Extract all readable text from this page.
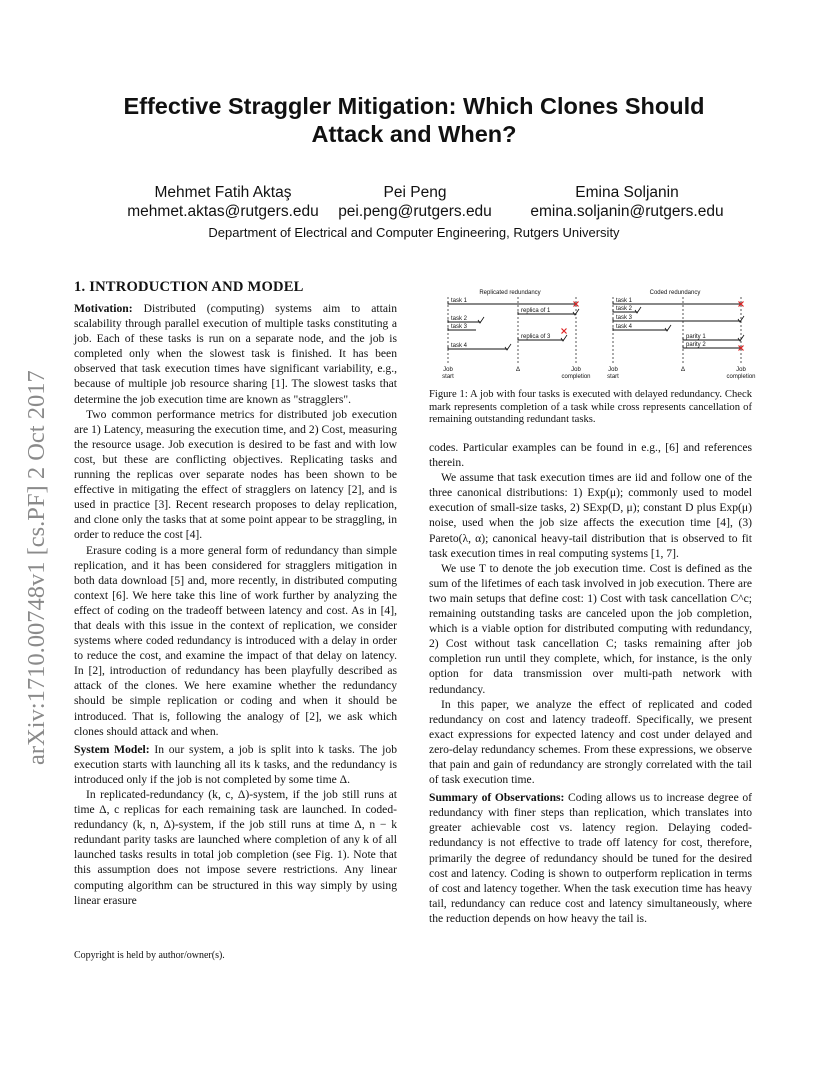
arXiv:1710.00748v1 [cs.PF] 2 Oct 2017
Effective Straggler Mitigation: Which Clones Should Attack and When?
Mehmet Fatih Aktaş
mehmet.aktas@rutgers.edu
Pei Peng
pei.peng@rutgers.edu
Emina Soljanin
emina.soljanin@rutgers.edu
Department of Electrical and Computer Engineering, Rutgers University
1. INTRODUCTION AND MODEL

Motivation: Distributed (computing) systems aim to attain scalability through parallel execution of multiple tasks constituting a job. Each of these tasks is run on a separate node, and the job is completed only when the slowest task is finished. It has been observed that task execution times have significant variability, e.g., because of multiple job resource sharing [1]. The slowest tasks that determine the job execution time are known as "stragglers".

Two common performance metrics for distributed job execution are 1) Latency, measuring the execution time, and 2) Cost, measuring the resource usage. Job execution is desired to be fast and with low cost, but these are conflicting objectives. Replicating tasks and running the replicas over separate nodes has been shown to be effective in mitigating the effect of stragglers on latency [2], and is used in practice [3]. Recent research proposes to delay replication, and clone only the tasks that at some point appear to be straggling, in order to reduce the cost [4].

Erasure coding is a more general form of redundancy than simple replication, and it has been considered for stragglers mitigation in both data download [5] and, more recently, in distributed computing context [6]. We here take this line of work further by analyzing the effect of coding on the tradeoff between latency and cost. As in [4], that deals with this issue in the context of replication, we consider systems where coded redundancy is introduced with a delay in order to reduce the cost, and examine the impact of that delay on latency. In [2], introduction of redundancy has been playfully described as attack of the clones. We here examine whether the redundancy should be simple replication or coding and when it should be introduced. That is, following the analogy of [2], we ask which clones should attack and when.

System Model: In our system, a job is split into k tasks. The job execution starts with launching all its k tasks, and the redundancy is introduced only if the job is not completed by some time Δ.

In replicated-redundancy (k, c, Δ)-system, if the job still runs at time Δ, c replicas for each remaining task are launched. In coded-redundancy (k, n, Δ)-system, if the job still runs at time Δ, n − k redundant parity tasks are launched where completion of any k of all launched tasks results in total job completion (see Fig. 1). Note that this assumption does not impose severe restrictions. Any linear computing algorithm can be structured in this way simply by using linear erasure

Replicated redundancy
task 1
task 2
task 3
task 4
replica of 1
replica of 3
Job
start
Δ	Job
completion
Coded redundancy
task 1
task 2
task 3
task 4
parity 1
parity 2
Job
start
Δ	Job
completion
Figure 1: A job with four tasks is executed with delayed redundancy. Check mark represents completion of a task while cross represents cancellation of remaining outstanding redundant tasks.

codes. Particular examples can be found in e.g., [6] and references therein.

We assume that task execution times are iid and follow one of the three canonical distributions: 1) Exp(μ); commonly used to model execution of small-size tasks, 2) SExp(D, μ); constant D plus Exp(μ) noise, used when the job size affects the execution time [4], (3) Pareto(λ, α); canonical heavy-tail distribution that is observed to fit task execution times in real computing systems [1, 7].

We use T to denote the job execution time. Cost is defined as the sum of the lifetimes of each task involved in job execution. There are two main setups that define cost: 1) Cost with task cancellation C^c; remaining outstanding tasks are canceled upon the job completion, which is a viable option for distributed computing with redundancy, 2) Cost without task cancellation C; tasks remaining after job completion run until they complete, which, for instance, is the only option for data transmission over multi-path network with redundancy.

In this paper, we analyze the effect of replicated and coded redundancy on cost and latency tradeoff. Specifically, we present exact expressions for expected latency and cost under delayed and zero-delay redundancy schemes. From these expressions, we observe that pain and gain of redundancy are strongly correlated with the tail of task execution time.

Summary of Observations: Coding allows us to increase degree of redundancy with finer steps than replication, which translates into greater achievable cost vs. latency region. Delaying coded-redundancy is not effective to trade off latency for cost, therefore, primarily the degree of redundancy should be tuned for the desired cost and latency. Coding is shown to outperform replication in terms of cost and latency together. When the task execution time has heavy tail, redundancy can reduce cost and latency simultaneously, where the reduction depends on how heavy the tail is.

Copyright is held by author/owner(s).
